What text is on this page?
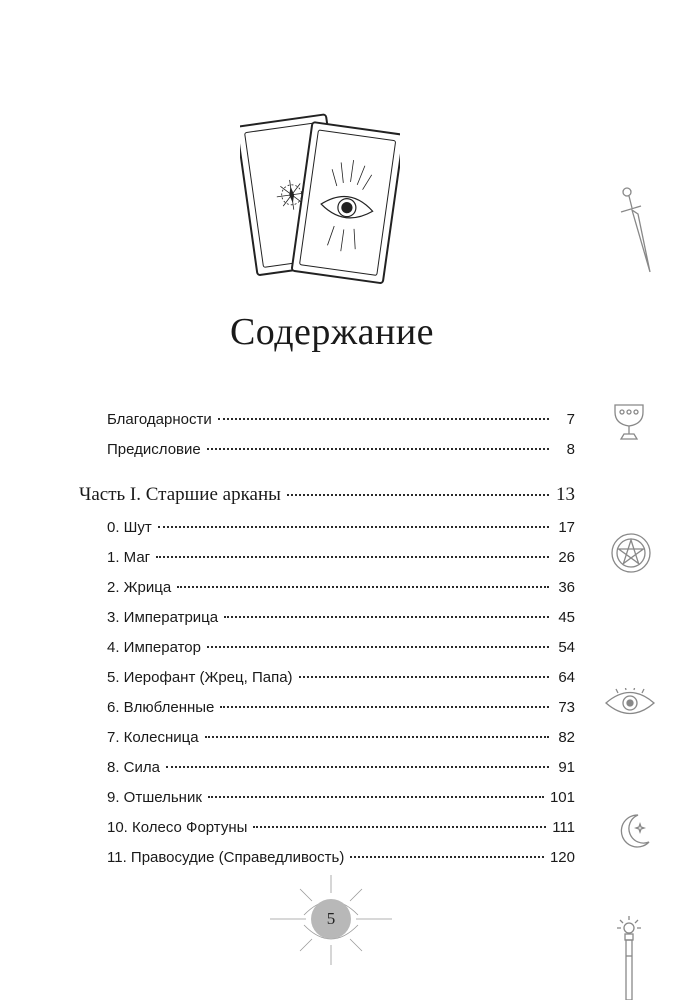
Содержание
Благодарности	7
Предисловие	8
Часть I. Старшие арканы	13
0. Шут	17
1. Маг	26
2. Жрица	36
3. Императрица	45
4. Император	54
5. Иерофант (Жрец, Папа)	64
6. Влюбленные	73
7. Колесница	82
8. Сила	91
9. Отшельник	101
10. Колесо Фортуны	111
11. Правосудие (Справедливость)	120
5
